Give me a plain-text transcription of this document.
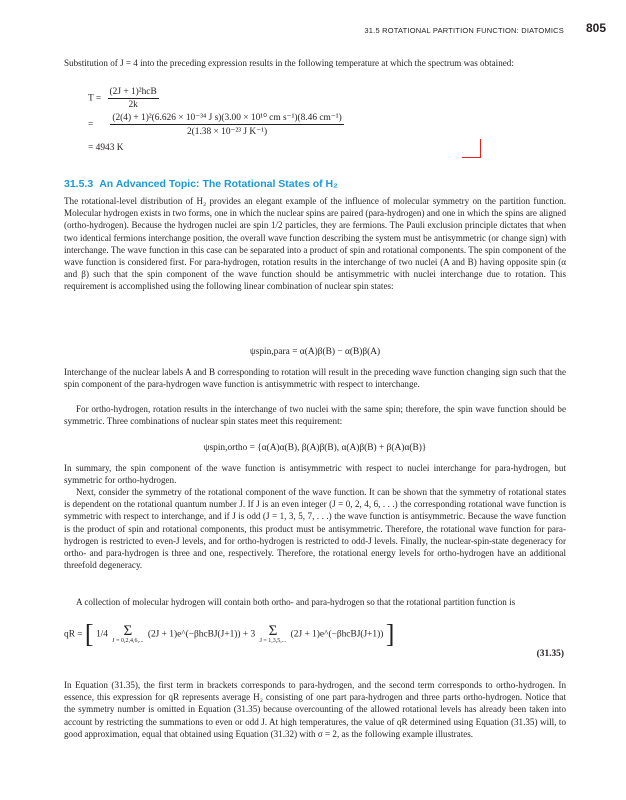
31.5 ROTATIONAL PARTITION FUNCTION: DIATOMICS 805

Substitution of J = 4 into the preceding expression results in the following temperature at which the spectrum was obtained:

$T = \frac{\text{(2J + 1)²hcB}}{2k}$
=
(2(4) + 1)²(6.626 × 10⁻³⁴ J s)(3.00 × 10¹⁰ cm s⁻¹)(8.46 cm⁻¹)
2(1.38 × 10⁻²³ J K⁻¹)
= 4943 K
31.5.3 An Advanced Topic: The Rotational States of H₂

The rotational-level distribution of H₂ provides an elegant example of the influence of molecular symmetry on the partition function. Molecular hydrogen exists in two forms, one in which the nuclear spins are paired (para-hydrogen) and one in which the spins are aligned (ortho-hydrogen). Because the hydrogen nuclei are spin 1/2 particles, they are fermions. The Pauli exclusion principle dictates that when two identical fermions interchange position, the overall wave function describing the system must be antisymmetric (or change sign) with interchange. The wave function in this case can be separated into a product of spin and rotational components. The spin component of the wave function is considered first. For para-hydrogen, rotation results in the interchange of two nuclei (A and B) having opposite spin (α and β) such that the spin component of the wave function should be antisymmetric with nuclei interchange due to rotation. This requirement is accomplished using the following linear combination of nuclear spin states:

ψspin,para = α(A)β(B) − α(B)β(A)

Interchange of the nuclear labels A and B corresponding to rotation will result in the preceding wave function changing sign such that the spin component of the para-hydrogen wave function is antisymmetric with respect to interchange.

For ortho-hydrogen, rotation results in the interchange of two nuclei with the same spin; therefore, the spin wave function should be symmetric. Three combinations of nuclear spin states meet this requirement:

ψspin,ortho = {α(A)α(B), β(A)β(B), α(A)β(B) + β(A)α(B)}

In summary, the spin component of the wave function is antisymmetric with respect to nuclei interchange for para-hydrogen, but symmetric for ortho-hydrogen.

Next, consider the symmetry of the rotational component of the wave function. It can be shown that the symmetry of rotational states is dependent on the rotational quantum number J. If J is an even integer (J = 0, 2, 4, 6, . . .) the corresponding rotational wave function is symmetric with respect to interchange, and if J is odd (J = 1, 3, 5, 7, . . .) the wave function is antisymmetric. Because the wave function is the product of spin and rotational components, this product must be antisymmetric. Therefore, the rotational wave function for para-hydrogen is restricted to even-J levels, and for ortho-hydrogen is restricted to odd-J levels. Finally, the nuclear-spin-state degeneracy for ortho- and para-hydrogen is three and one, respectively. Therefore, the rotational energy levels for ortho-hydrogen have an additional threefold degeneracy.

A collection of molecular hydrogen will contain both ortho- and para-hydrogen so that the rotational partition function is

qR = [ 1/4	Σ
J = 0,2,4,6,...
(2J + 1)e^(−βhcBJ(J+1)) + 3 Σ
J = 1,3,5,...
(2J + 1)e^(−βhcBJ(J+1)) ]
(31.35)

In Equation (31.35), the first term in brackets corresponds to para-hydrogen, and the second term corresponds to ortho-hydrogen. In essence, this expression for qR represents average H₂ consisting of one part para-hydrogen and three parts ortho-hydrogen. Notice that the symmetry number is omitted in Equation (31.35) because overcounting of the allowed rotational levels has already been taken into account by restricting the summations to even or odd J. At high temperatures, the value of qR determined using Equation (31.35) will, to good approximation, equal that obtained using Equation (31.32) with σ = 2, as the following example illustrates.
